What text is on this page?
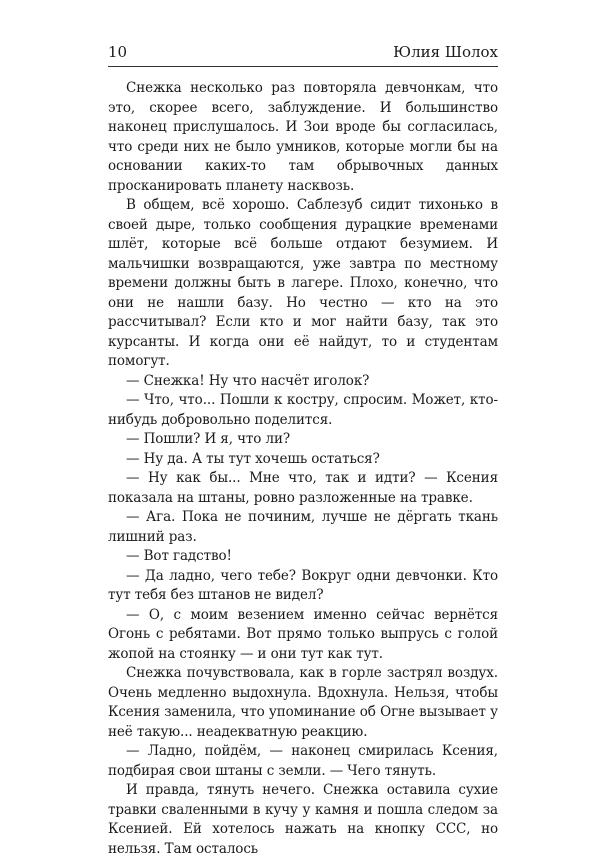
10	Юлия Шолох

Снежка несколько раз повторяла девчонкам, что это, скорее всего, заблуждение. И большинство наконец прислушалось. И Зои вроде бы согласилась, что среди них не было умников, которые могли бы на основании каких-то там обрывочных данных просканировать планету насквозь.

В общем, всё хорошо. Саблезуб сидит тихонько в своей дыре, только сообщения дурацкие временами шлёт, которые всё больше отдают безумием. И мальчишки возвращаются, уже завтра по местному времени должны быть в лагере. Плохо, конечно, что они не нашли базу. Но честно — кто на это рассчитывал? Если кто и мог найти базу, так это курсанты. И когда они её найдут, то и студентам помогут.

— Снежка! Ну что насчёт иголок?

— Что, что... Пошли к костру, спросим. Может, кто-нибудь добровольно поделится.

— Пошли? И я, что ли?

— Ну да. А ты тут хочешь остаться?

— Ну как бы... Мне что, так и идти? — Ксения показала на штаны, ровно разложенные на травке.

— Ага. Пока не починим, лучше не дёргать ткань лишний раз.

— Вот гадство!

— Да ладно, чего тебе? Вокруг одни девчонки. Кто тут тебя без штанов не видел?

— О, с моим везением именно сейчас вернётся Огонь с ребятами. Вот прямо только выпрусь с голой жопой на стоянку — и они тут как тут.

Снежка почувствовала, как в горле застрял воздух. Очень медленно выдохнула. Вдохнула. Нельзя, чтобы Ксения заменила, что упоминание об Огне вызывает у неё такую... неадекватную реакцию.

— Ладно, пойдём, — наконец смирилась Ксения, подбирая свои штаны с земли. — Чего тянуть.

И правда, тянуть нечего. Снежка оставила сухие травки сваленными в кучу у камня и пошла следом за Ксенией. Ей хотелось нажать на кнопку ССС, но нельзя. Там осталось
